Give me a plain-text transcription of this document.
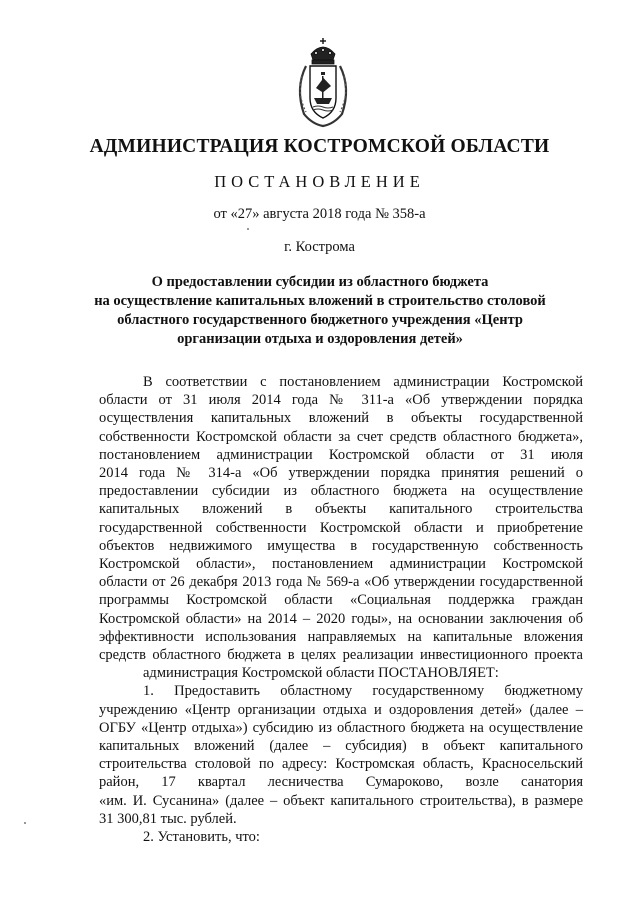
АДМИНИСТРАЦИЯ КОСТРОМСКОЙ ОБЛАСТИ
ПОСТАНОВЛЕНИЕ
от «27» августа 2018 года № 358-а
г. Кострома
О предоставлении субсидии из областного бюджета
на осуществление капитальных вложений в строительство столовой
областного государственного бюджетного учреждения «Центр
организации отдыха и оздоровления детей»
В соответствии с постановлением администрации Костромской
области от 31 июля 2014 года № 311-а «Об утверждении порядка
осуществления капитальных вложений в объекты государственной
собственности Костромской области за счет средств областного бюджета»,
постановлением администрации Костромской области от 31 июля
2014 года № 314-а «Об утверждении порядка принятия решений о
предоставлении субсидии из областного бюджета на осуществление
капитальных вложений в объекты капитального строительства
государственной собственности Костромской области и приобретение
объектов недвижимого имущества в государственную собственность
Костромской области», постановлением администрации Костромской
области от 26 декабря 2013 года № 569-а «Об утверждении государственной
программы Костромской области «Социальная поддержка граждан
Костромской области» на 2014 – 2020 годы», на основании заключения об
эффективности использования направляемых на капитальные вложения
средств областного бюджета в целях реализации инвестиционного проекта
администрация Костромской области ПОСТАНОВЛЯЕТ:
1. Предоставить областному государственному бюджетному
учреждению «Центр организации отдыха и оздоровления детей» (далее –
ОГБУ «Центр отдыха») субсидию из областного бюджета на осуществление
капитальных вложений (далее – субсидия) в объект капитального
строительства столовой по адресу: Костромская область, Красносельский
район, 17 квартал лесничества Сумароково, возле санатория
«им. И. Сусанина» (далее – объект капитального строительства), в размере
31 300,81 тыс. рублей.
2. Установить, что:
